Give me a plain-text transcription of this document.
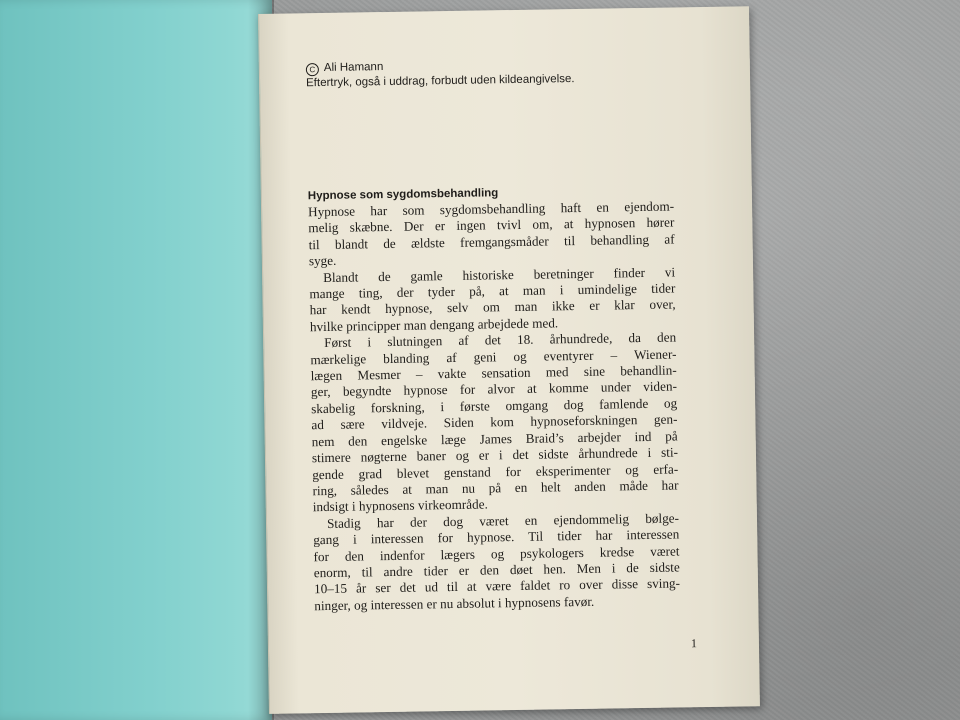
C Ali Hamann
Eftertryk, også i uddrag, forbudt uden kildeangivelse.
Hypnose som sygdomsbehandling
Hypnose har som sygdomsbehandling haft en ejendom-
melig skæbne. Der er ingen tvivl om, at hypnosen hører
til blandt de ældste fremgangsmåder til behandling af
syge.
Blandt de gamle historiske beretninger finder vi
mange ting, der tyder på, at man i umindelige tider
har kendt hypnose, selv om man ikke er klar over,
hvilke principper man dengang arbejdede med.
Først i slutningen af det 18. århundrede, da den
mærkelige blanding af geni og eventyrer – Wiener-
lægen Mesmer – vakte sensation med sine behandlin-
ger, begyndte hypnose for alvor at komme under viden-
skabelig forskning, i første omgang dog famlende og
ad sære vildveje. Siden kom hypnoseforskningen gen-
nem den engelske læge James Braid’s arbejder ind på
stimere nøgterne baner og er i det sidste århundrede i sti-
gende grad blevet genstand for eksperimenter og erfa-
ring, således at man nu på en helt anden måde har
indsigt i hypnosens virkeområde.
Stadig har der dog været en ejendommelig bølge-
gang i interessen for hypnose. Til tider har interessen
for den indenfor lægers og psykologers kredse været
enorm, til andre tider er den døet hen. Men i de sidste
10–15 år ser det ud til at være faldet ro over disse sving-
ninger, og interessen er nu absolut i hypnosens favør.
1
